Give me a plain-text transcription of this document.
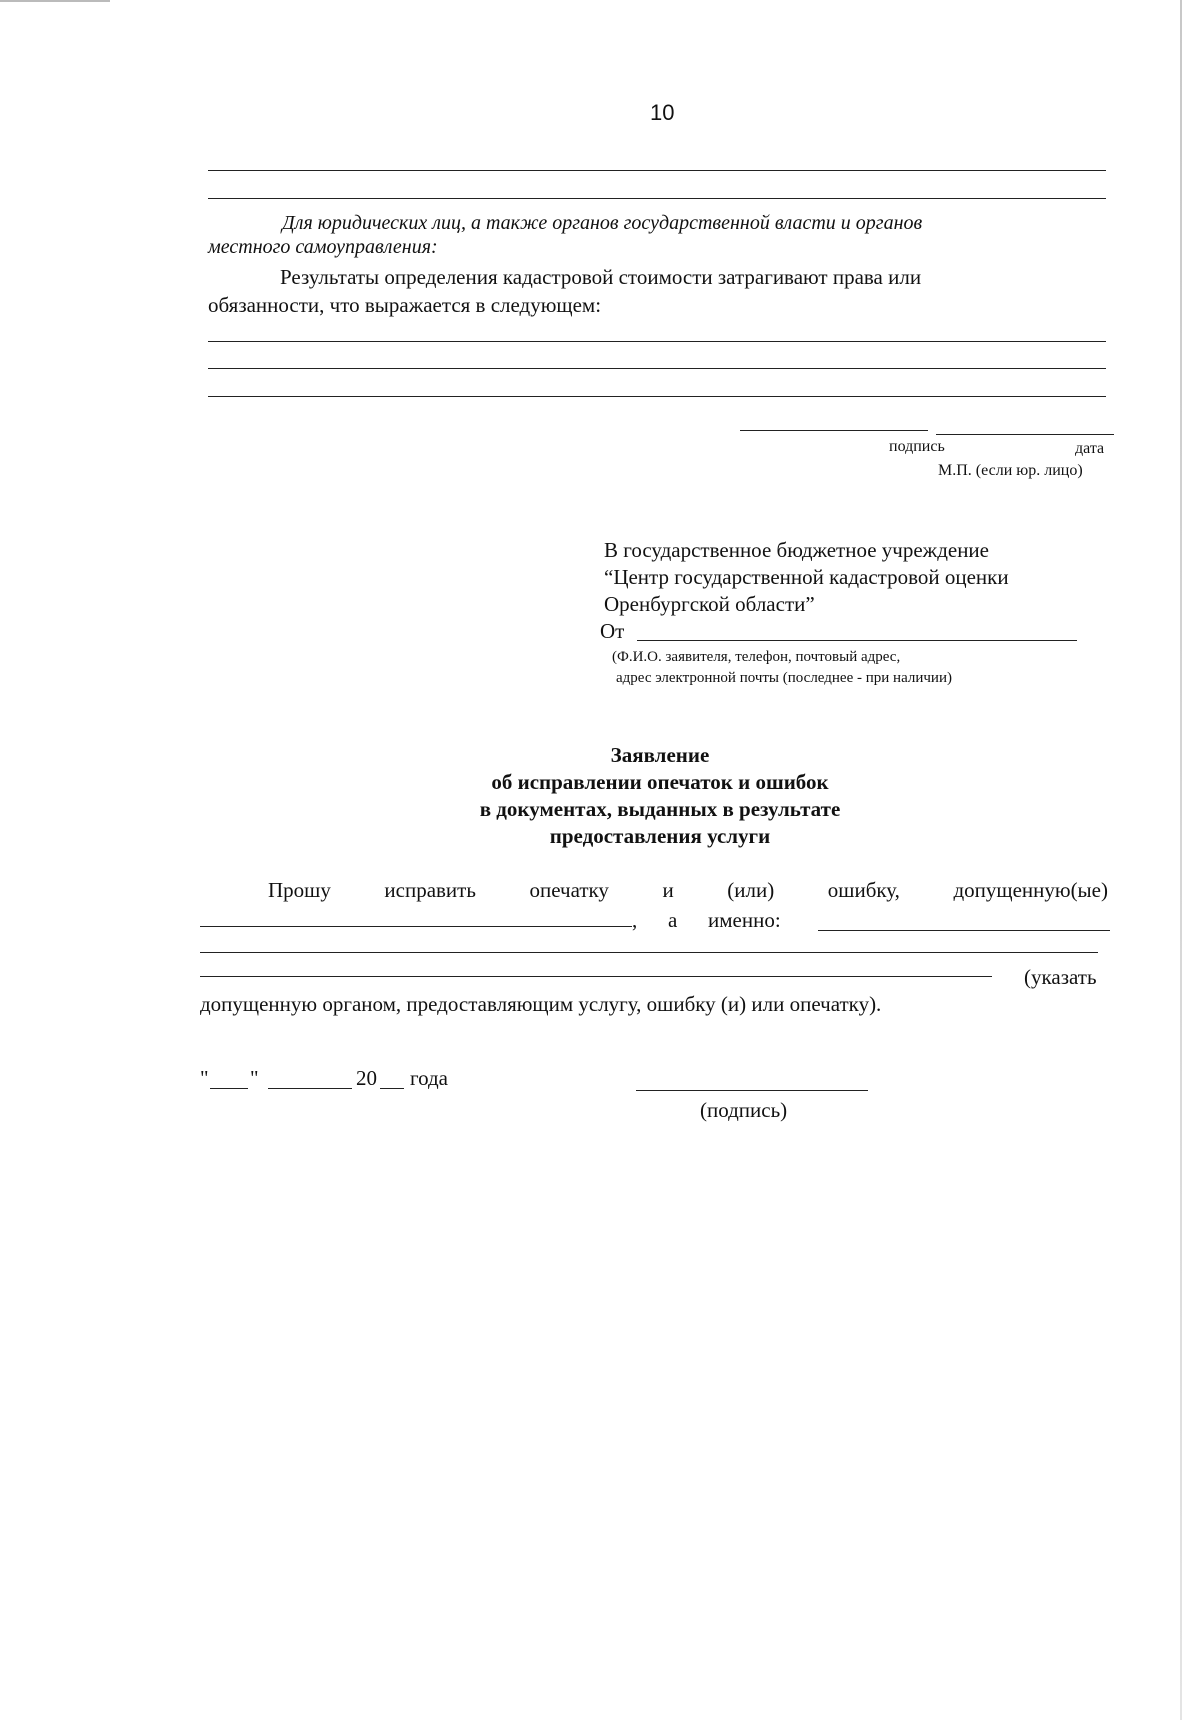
10
Для юридических лиц, а также органов государственной власти и органов
местного самоуправления:
Результаты определения кадастровой стоимости затрагивают права или
обязанности, что выражается в следующем:
подпись	дата
М.П. (если юр. лицо)
В государственное бюджетное учреждение
“Центр государственной кадастровой оценки
Оренбургской области”
От
(Ф.И.О. заявителя, телефон, почтовый адрес,
адрес электронной почты (последнее - при наличии)
Заявление
об исправлении опечаток и ошибок
в документах, выданных в результате
предоставления услуги
Прошу	исправить	опечатку	и	(или)	ошибку,	допущенную(ые)
, а именно:
(указать
допущенную органом, предоставляющим услугу, ошибку (и) или опечатку).
" "	20 года
(подпись)
